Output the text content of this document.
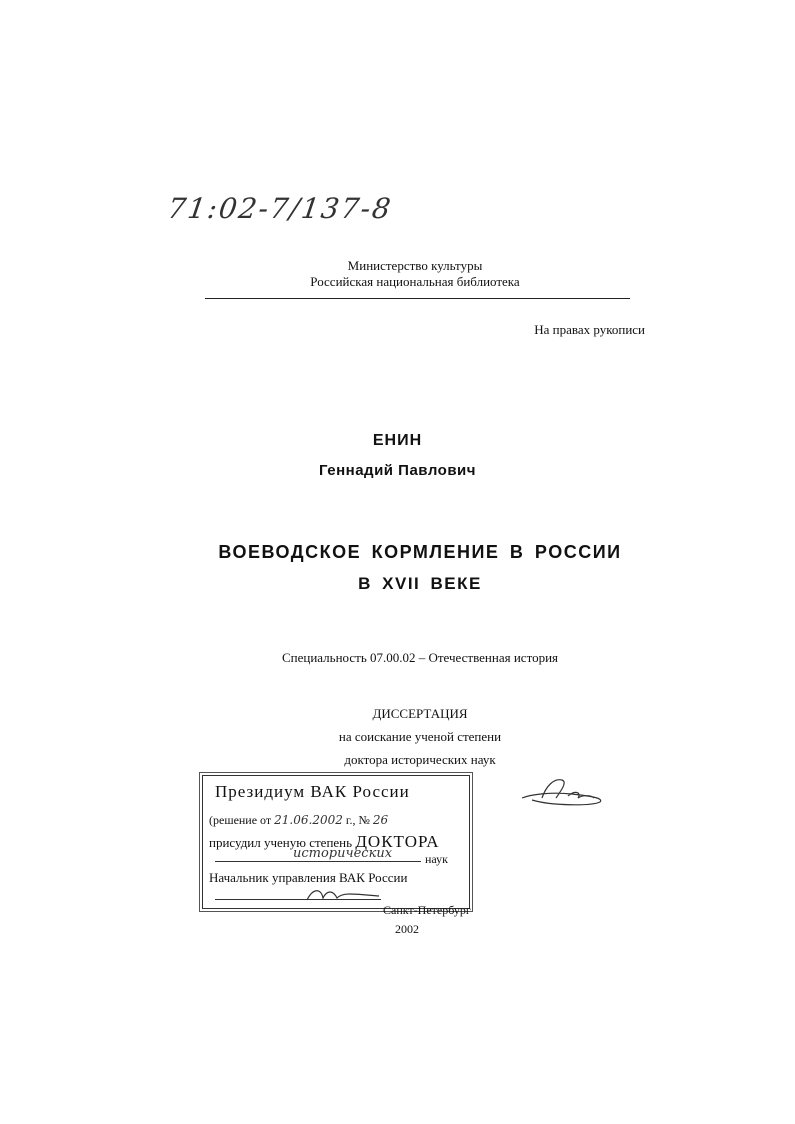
71:02-7/137-8
Министерство культуры
Российская национальная библиотека
На правах рукописи
ЕНИН
Геннадий Павлович
ВОЕВОДСКОЕ КОРМЛЕНИЕ В РОССИИ
В XVII ВЕКЕ
Специальность 07.00.02 – Отечественная история
ДИССЕРТАЦИЯ
на соискание ученой степени
доктора исторических наук
Президиум ВАК России
(решение от 21.06.2002 г., № 26
присудил ученую степень ДОКТОРА
исторических	наук
Начальник управления ВАК России
Санкт-Петербург
2002
